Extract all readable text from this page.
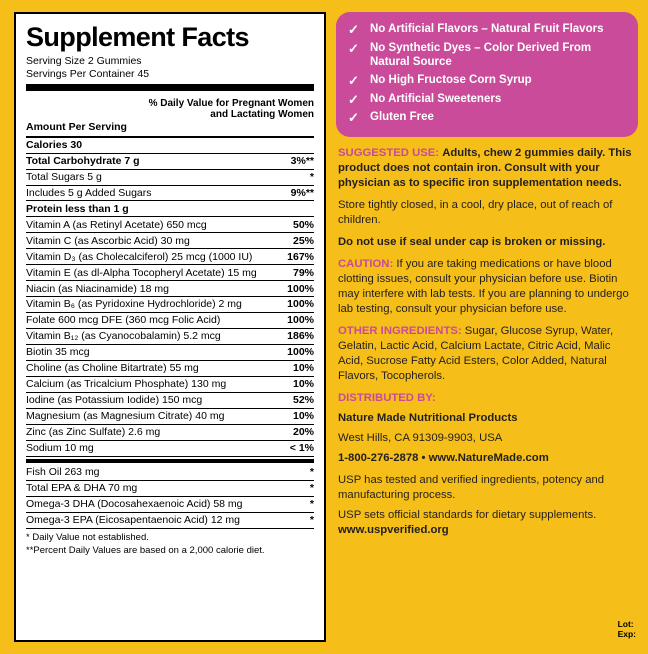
Supplement Facts
Serving Size 2 Gummies
Servings Per Container 45
% Daily Value for Pregnant Women
and Lactating Women
Amount Per Serving
Calories 30	
Total Carbohydrate 7 g	3%**
Total Sugars 5 g	*
Includes 5 g Added Sugars	9%**
Protein less than 1 g	
Vitamin A (as Retinyl Acetate) 650 mcg	50%
Vitamin C (as Ascorbic Acid) 30 mg	25%
Vitamin D₃ (as Cholecalciferol) 25 mcg (1000 IU)	167%
Vitamin E (as dl-Alpha Tocopheryl Acetate) 15 mg	79%
Niacin (as Niacinamide) 18 mg	100%
Vitamin B₆ (as Pyridoxine Hydrochloride) 2 mg	100%
Folate 600 mcg DFE (360 mcg Folic Acid)	100%
Vitamin B₁₂ (as Cyanocobalamin) 5.2 mcg	186%
Biotin 35 mcg	100%
Choline (as Choline Bitartrate) 55 mg	10%
Calcium (as Tricalcium Phosphate) 130 mg	10%
Iodine (as Potassium Iodide) 150 mcg	52%
Magnesium (as Magnesium Citrate) 40 mg	10%
Zinc (as Zinc Sulfate) 2.6 mg	20%
Sodium 10 mg	< 1%
Fish Oil 263 mg	*
Total EPA & DHA 70 mg	*
Omega-3 DHA (Docosahexaenoic Acid) 58 mg	*
Omega-3 EPA (Eicosapentaenoic Acid) 12 mg	*
* Daily Value not established.
**Percent Daily Values are based on a 2,000 calorie diet.
✓ No Artificial Flavors – Natural Fruit Flavors
✓ No Synthetic Dyes – Color Derived From Natural Source
✓ No High Fructose Corn Syrup
✓ No Artificial Sweeteners
✓ Gluten Free

SUGGESTED USE: Adults, chew 2 gummies daily. This product does not contain iron. Consult with your physician as to specific iron supplementation needs.

Store tightly closed, in a cool, dry place, out of reach of children.

Do not use if seal under cap is broken or missing.

CAUTION: If you are taking medications or have blood clotting issues, consult your physician before use. Biotin may interfere with lab tests. If you are planning to undergo lab testing, consult your physician before use.

OTHER INGREDIENTS: Sugar, Glucose Syrup, Water, Gelatin, Lactic Acid, Calcium Lactate, Citric Acid, Malic Acid, Sucrose Fatty Acid Esters, Color Added, Natural Flavors, Tocopherols.

DISTRIBUTED BY:

Nature Made Nutritional Products

West Hills, CA 91309-9903, USA

1-800-276-2878 • www.NatureMade.com

USP has tested and verified ingredients, potency and manufacturing process.

USP sets official standards for dietary supplements. www.uspverified.org

Lot:
Exp:
